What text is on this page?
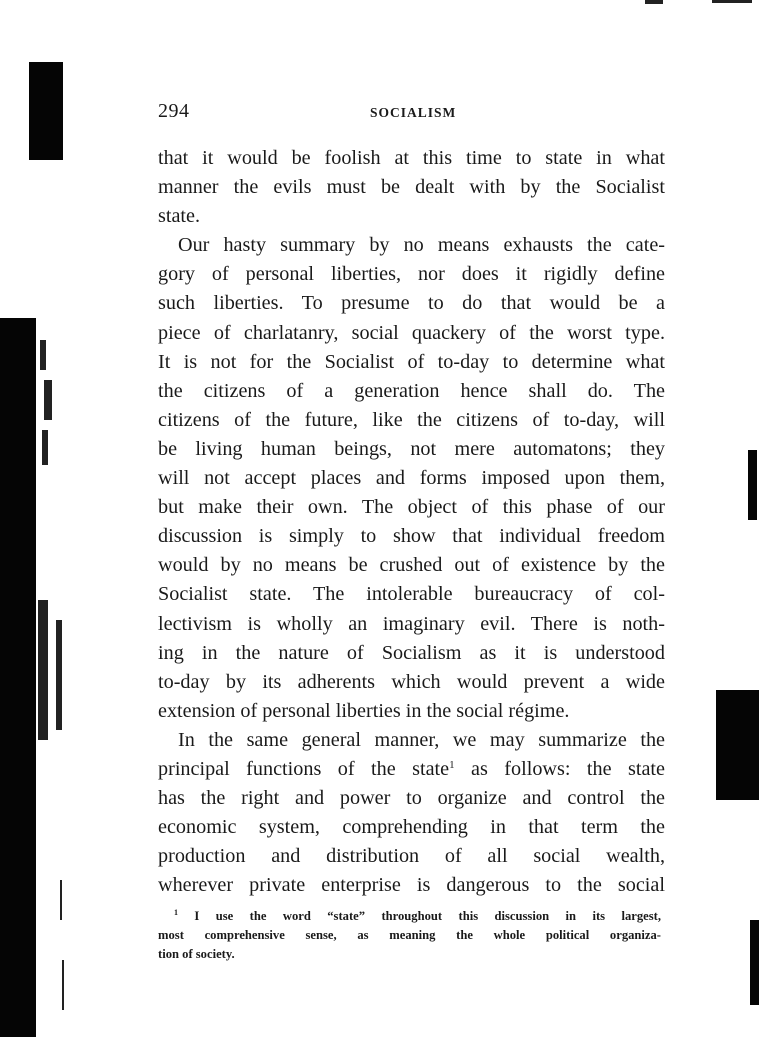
294	SOCIALISM
that it would be foolish at this time to state in what
manner the evils must be dealt with by the Socialist
state.
Our hasty summary by no means exhausts the cate-
gory of personal liberties, nor does it rigidly define
such liberties. To presume to do that would be a
piece of charlatanry, social quackery of the worst type.
It is not for the Socialist of to-day to determine what
the citizens of a generation hence shall do. The
citizens of the future, like the citizens of to-day, will
be living human beings, not mere automatons; they
will not accept places and forms imposed upon them,
but make their own. The object of this phase of our
discussion is simply to show that individual freedom
would by no means be crushed out of existence by the
Socialist state. The intolerable bureaucracy of col-
lectivism is wholly an imaginary evil. There is noth-
ing in the nature of Socialism as it is understood
to-day by its adherents which would prevent a wide
extension of personal liberties in the social régime.
In the same general manner, we may summarize the
principal functions of the state$^1$ as follows: the state
has the right and power to organize and control the
economic system, comprehending in that term the
production and distribution of all social wealth,
wherever private enterprise is dangerous to the social
$^1$ I use the word “state” throughout this discussion in its largest,
most comprehensive sense, as meaning the whole political organiza-
tion of society.
